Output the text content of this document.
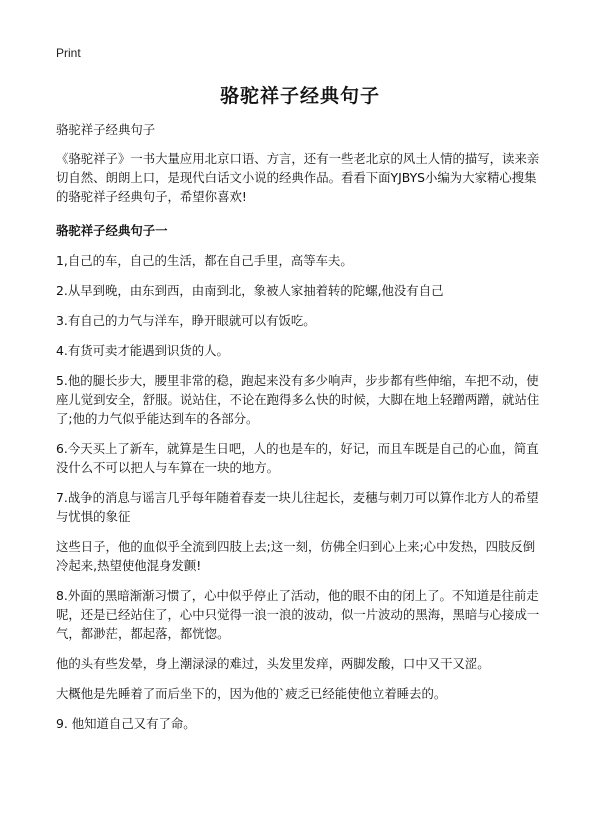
Print
骆驼祥子经典句子

骆驼祥子经典句子

《骆驼祥子》一书大量应用北京口语、方言，还有一些老北京的风土人情的描写，读来亲切自然、朗朗上口，是现代白话文小说的经典作品。看看下面YJBYS小编为大家精心搜集的骆驼祥子经典句子，希望你喜欢!

骆驼祥子经典句子一

1,自己的车，自己的生活，都在自己手里，高等车夫。

2.从早到晚，由东到西，由南到北，象被人家抽着转的陀螺,他没有自己

3.有自己的力气与洋车，睁开眼就可以有饭吃。

4.有货可卖才能遇到识货的人。

5.他的腿长步大，腰里非常的稳，跑起来没有多少响声，步步都有些伸缩，车把不动，使座儿觉到安全，舒服。说站住，不论在跑得多么快的时候，大脚在地上轻蹭两蹭，就站住了;他的力气似乎能达到车的各部分。

6.今天买上了新车，就算是生日吧，人的也是车的，好记，而且车既是自己的心血，简直没什么不可以把人与车算在一块的地方。

7.战争的消息与谣言几乎每年随着春麦一块儿往起长，麦穗与刺刀可以算作北方人的希望与忧惧的象征

这些日子，他的血似乎全流到四肢上去;这一刻，仿佛全归到心上来;心中发热，四肢反倒冷起来,热望使他混身发颤!

8.外面的黑暗渐渐习惯了，心中似乎停止了活动，他的眼不由的闭上了。不知道是往前走呢，还是已经站住了，心中只觉得一浪一浪的波动，似一片波动的黑海，黑暗与心接成一气，都渺茫，都起落，都恍惚。

他的头有些发晕，身上潮渌渌的难过，头发里发痒，两脚发酸，口中又干又涩。

大概他是先睡着了而后坐下的，因为他的`疲乏已经能使他立着睡去的。

9. 他知道自己又有了命。
